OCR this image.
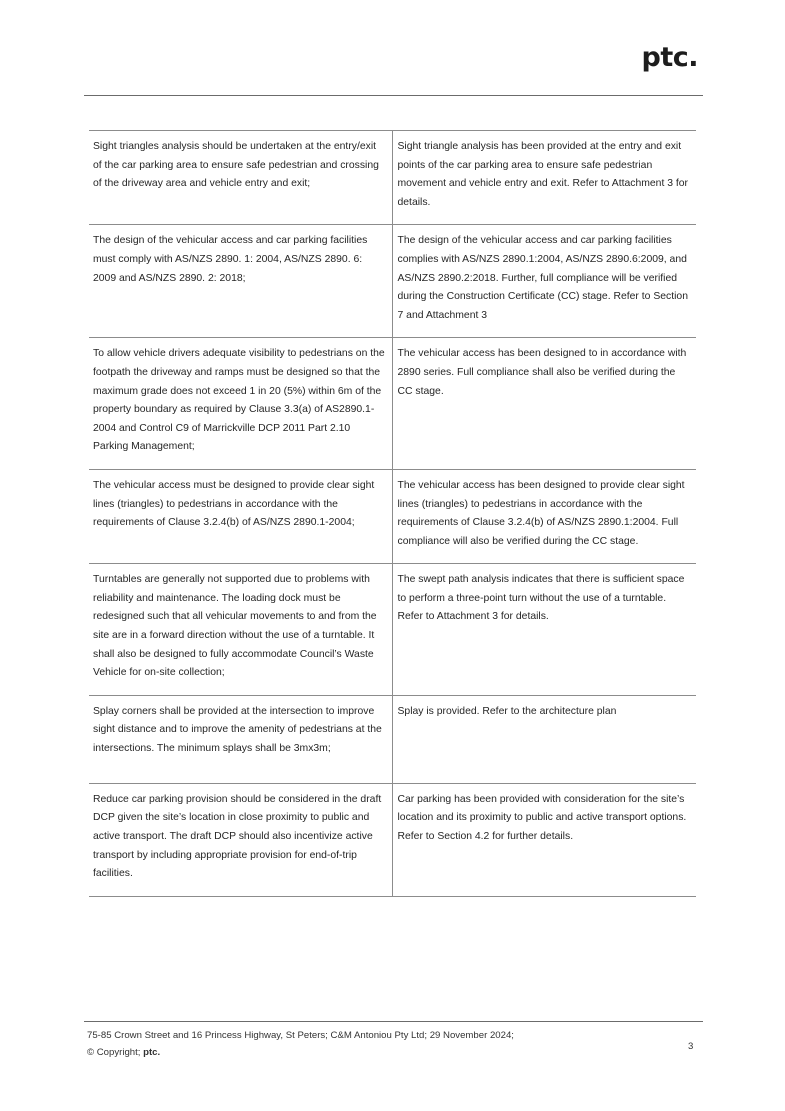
ptc.
Sight triangles analysis should be undertaken at the entry/exit of the car parking area to ensure safe pedestrian and crossing of the driveway area and vehicle entry and exit;	Sight triangle analysis has been provided at the entry and exit points of the car parking area to ensure safe pedestrian movement and vehicle entry and exit. Refer to Attachment 3 for details.
The design of the vehicular access and car parking facilities must comply with AS/NZS 2890. 1: 2004, AS/NZS 2890. 6: 2009 and AS/NZS 2890. 2: 2018;	The design of the vehicular access and car parking facilities complies with AS/NZS 2890.1:2004, AS/NZS 2890.6:2009, and AS/NZS 2890.2:2018. Further, full compliance will be verified during the Construction Certificate (CC) stage. Refer to Section 7 and Attachment 3
To allow vehicle drivers adequate visibility to pedestrians on the footpath the driveway and ramps must be designed so that the maximum grade does not exceed 1 in 20 (5%) within 6m of the property boundary as required by Clause 3.3(a) of AS2890.1-2004 and Control C9 of Marrickville DCP 2011 Part 2.10 Parking Management;	The vehicular access has been designed to in accordance with 2890 series. Full compliance shall also be verified during the CC stage.
The vehicular access must be designed to provide clear sight lines (triangles) to pedestrians in accordance with the requirements of Clause 3.2.4(b) of AS/NZS 2890.1-2004;	The vehicular access has been designed to provide clear sight lines (triangles) to pedestrians in accordance with the requirements of Clause 3.2.4(b) of AS/NZS 2890.1:2004. Full compliance will also be verified during the CC stage.
Turntables are generally not supported due to problems with reliability and maintenance. The loading dock must be redesigned such that all vehicular movements to and from the site are in a forward direction without the use of a turntable. It shall also be designed to fully accommodate Council’s Waste Vehicle for on-site collection;	The swept path analysis indicates that there is sufficient space to perform a three-point turn without the use of a turntable. Refer to Attachment 3 for details.
Splay corners shall be provided at the intersection to improve sight distance and to improve the amenity of pedestrians at the intersections. The minimum splays shall be 3mx3m;	Splay is provided. Refer to the architecture plan
Reduce car parking provision should be considered in the draft DCP given the site’s location in close proximity to public and active transport. The draft DCP should also incentivize active transport by including appropriate provision for end-of-trip facilities.	Car parking has been provided with consideration for the site’s location and its proximity to public and active transport options. Refer to Section 4.2 for further details.
75-85 Crown Street and 16 Princess Highway, St Peters; C&M Antoniou Pty Ltd; 29 November 2024;
© Copyright; ptc.
3
